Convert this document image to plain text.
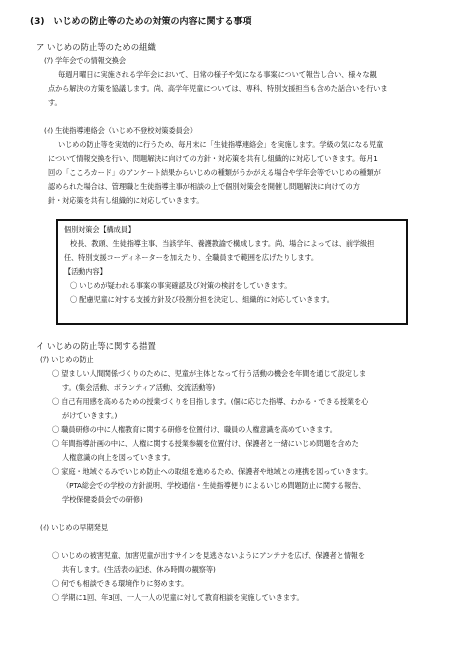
(3)　いじめの防止等のための対策の内容に関する事項
ア いじめの防止等のための組織
(ｱ) 学年会での情報交換会
毎週月曜日に実施される学年会において、日常の様子や気になる事案について報告し合い、様々な観
点から解決の方策を協議します。尚、高学年児童については、専科、特別支援担当も含めた話合いを行いま
す。
(ｲ) 生徒指導連絡会（いじめ不登校対策委員会）
いじめの防止等を実効的に行うため、毎月末に「生徒指導連絡会」を実施します。学級の気になる児童
について情報交換を行い、問題解決に向けての方針・対応策を共有し組織的に対応していきます。毎月1
回の「こころカード」のアンケート結果からいじめの種類がうかがえる場合や学年会等でいじめの種類が
認められた場合は、管理職と生徒指導主事が相談の上で個別対策会を開催し問題解決に向けての方
針・対応策を共有し組織的に対応していきます。
個別対策会【構成員】
校長、教頭、生徒指導主事、当該学年、養護教諭で構成します。尚、場合によっては、前学級担
任、特別支援コーディネーターを加えたり、全職員まで範囲を広げたりします。
【活動内容】
〇 いじめが疑われる事案の事実確認及び対策の検討をしていきます。
〇 配慮児童に対する支援方針及び役割分担を決定し、組織的に対応していきます。
イ いじめの防止等に関する措置
(ｱ) いじめの防止
〇 望ましい人間関係づくりのために、児童が主体となって行う活動の機会を年間を通じて設定しま
す。(集会活動、ボランティア活動、交流活動等)
〇 自己有用感を高めるための授業づくりを目指します。(個に応じた指導、わかる・できる授業を心
がけていきます。)
〇 職員研修の中に人権教育に関する研修を位置付け、職員の人権意識を高めていきます。
〇 年間指導計画の中に、人権に関する授業参観を位置付け、保護者と一緒にいじめ問題を含めた
人権意識の向上を図っていきます。
〇 家庭・地域ぐるみでいじめ防止への取組を進めるため、保護者や地域との連携を図っていきます。
（PTA総会での学校の方針説明、学校通信・生徒指導便りによるいじめ問題防止に関する報告、
学校保健委員会での研修)
(ｲ) いじめの早期発見
〇 いじめの被害児童、加害児童が出すサインを見逃さないようにアンテナを広げ、保護者と情報を
共有します。(生活表の記述、休み時間の観察等)
〇 何でも相談できる環境作りに努めます。
〇 学期に1回、年3回、一人一人の児童に対して教育相談を実施していきます。
